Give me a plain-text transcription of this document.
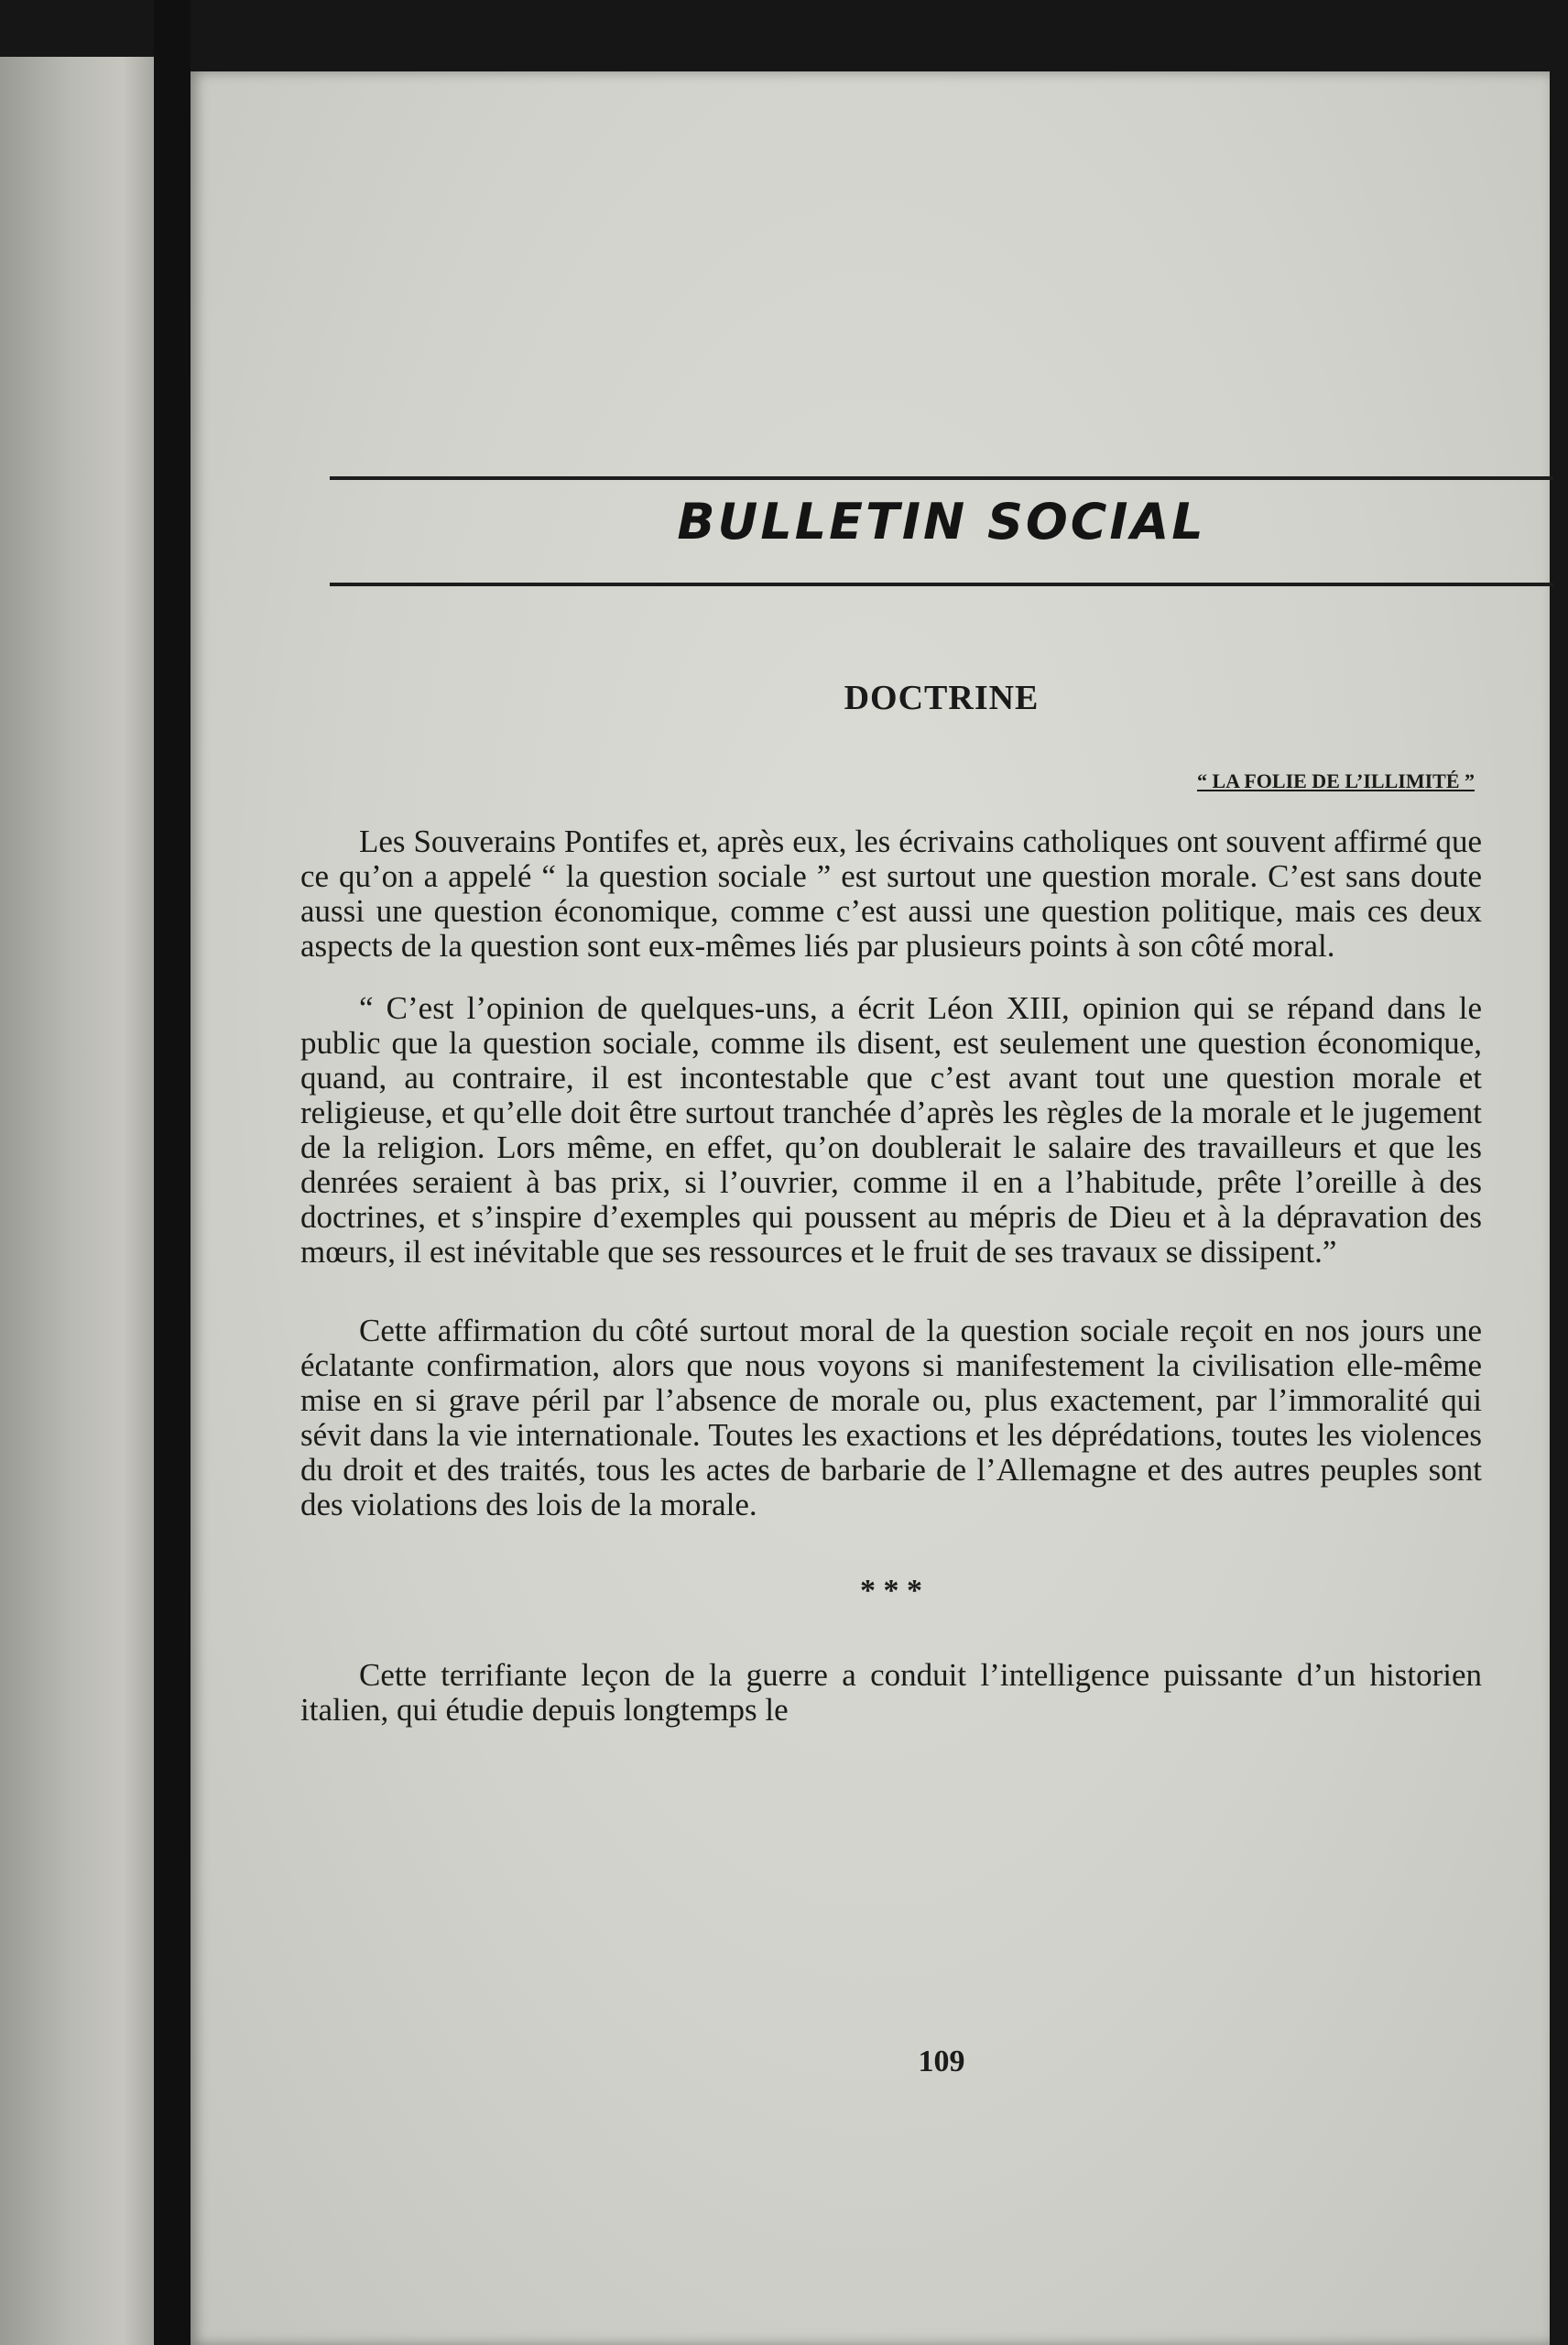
BULLETIN SOCIAL
DOCTRINE
“ LA FOLIE DE L’ILLIMITÉ ”

Les Souverains Pontifes et, après eux, les écrivains catholiques ont souvent affirmé que ce qu’on a appelé “ la question sociale ” est surtout une question morale. C’est sans doute aussi une question économique, comme c’est aussi une question politique, mais ces deux aspects de la question sont eux-mêmes liés par plusieurs points à son côté moral.

“ C’est l’opinion de quelques-uns, a écrit Léon XIII, opinion qui se répand dans le public que la question sociale, comme ils disent, est seulement une question économique, quand, au contraire, il est incontestable que c’est avant tout une question morale et religieuse, et qu’elle doit être surtout tranchée d’après les règles de la morale et le jugement de la religion. Lors même, en effet, qu’on doublerait le salaire des travailleurs et que les denrées seraient à bas prix, si l’ouvrier, comme il en a l’habitude, prête l’oreille à des doctrines, et s’inspire d’exemples qui poussent au mépris de Dieu et à la dépravation des mœurs, il est inévitable que ses ressources et le fruit de ses travaux se dissipent.”

Cette affirmation du côté surtout moral de la question sociale reçoit en nos jours une éclatante confirmation, alors que nous voyons si manifestement la civilisation elle-même mise en si grave péril par l’absence de morale ou, plus exactement, par l’immoralité qui sévit dans la vie internationale. Toutes les exactions et les déprédations, toutes les violences du droit et des traités, tous les actes de barbarie de l’Allemagne et des autres peuples sont des violations des lois de la morale.

* * *

Cette terrifiante leçon de la guerre a conduit l’intelligence puissante d’un historien italien, qui étudie depuis longtemps le

109
